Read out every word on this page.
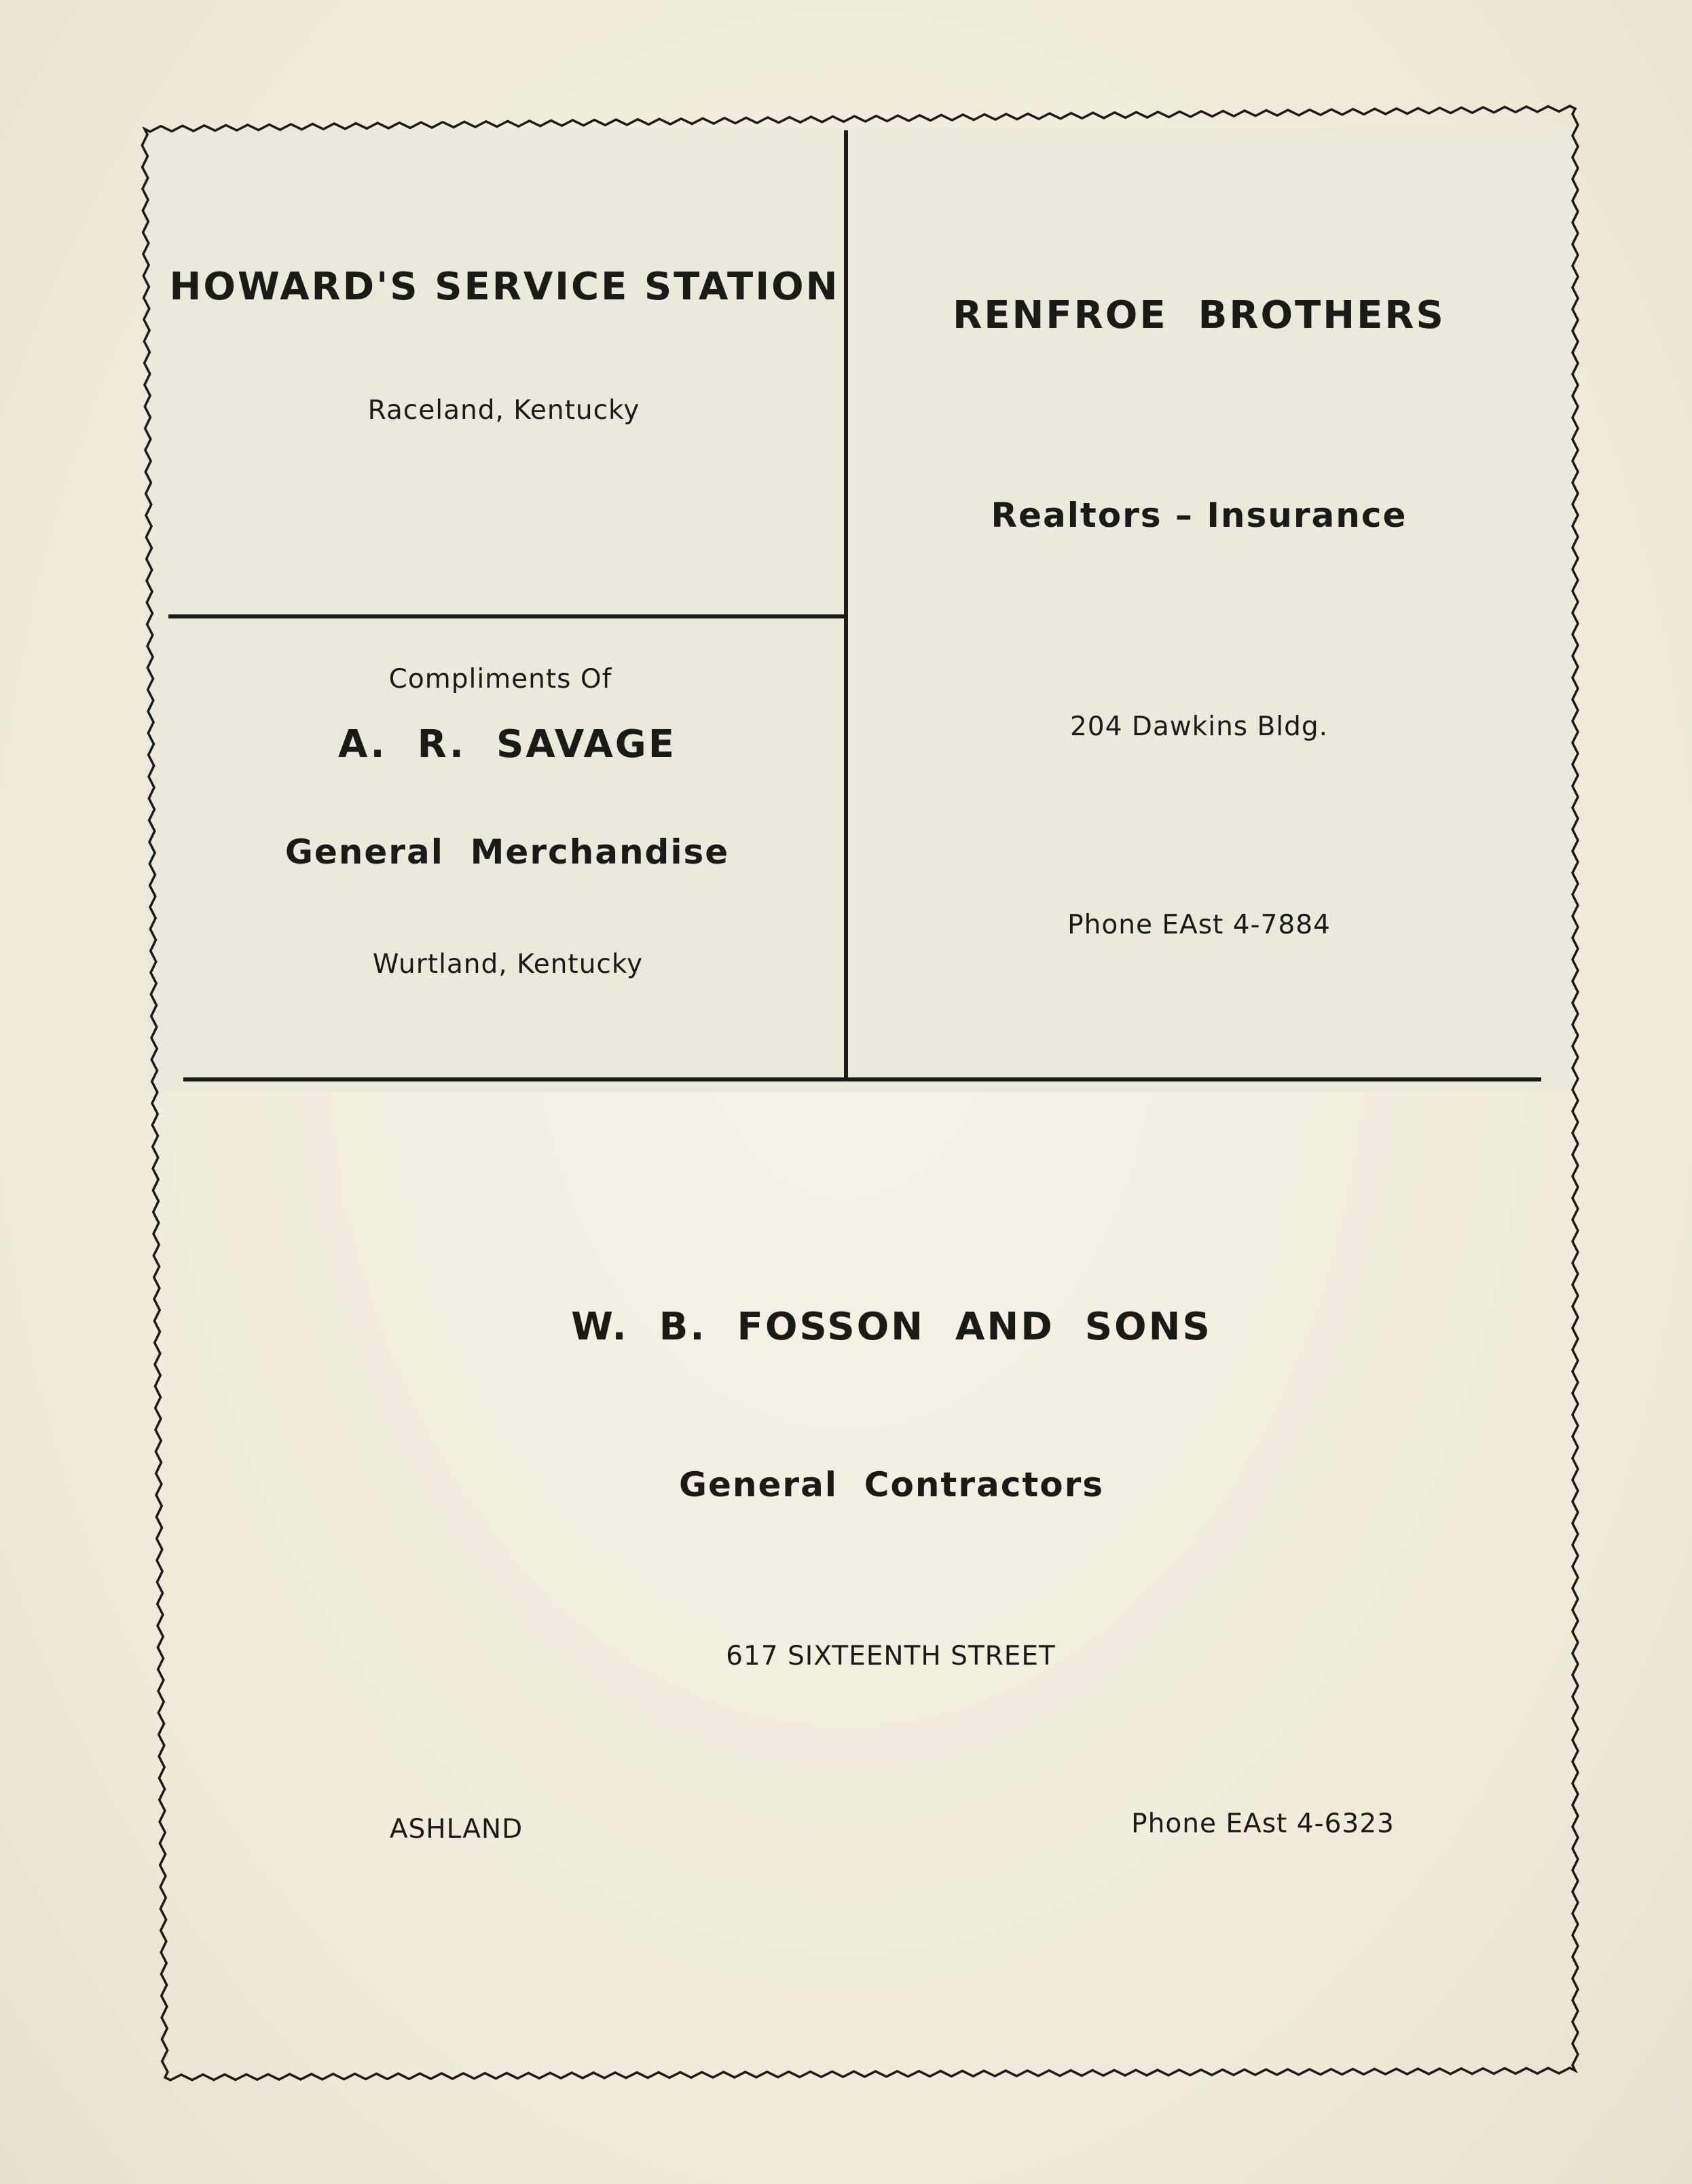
HOWARD'S SERVICE STATION
Raceland, Kentucky
RENFROE  BROTHERS
Realtors – Insurance
204 Dawkins Bldg.
Phone EAst 4-7884
Compliments Of
A.  R.  SAVAGE
General  Merchandise
Wurtland, Kentucky
W.  B.  FOSSON  AND  SONS
General  Contractors
617 SIXTEENTH STREET
ASHLAND	Phone EAst 4-6323
